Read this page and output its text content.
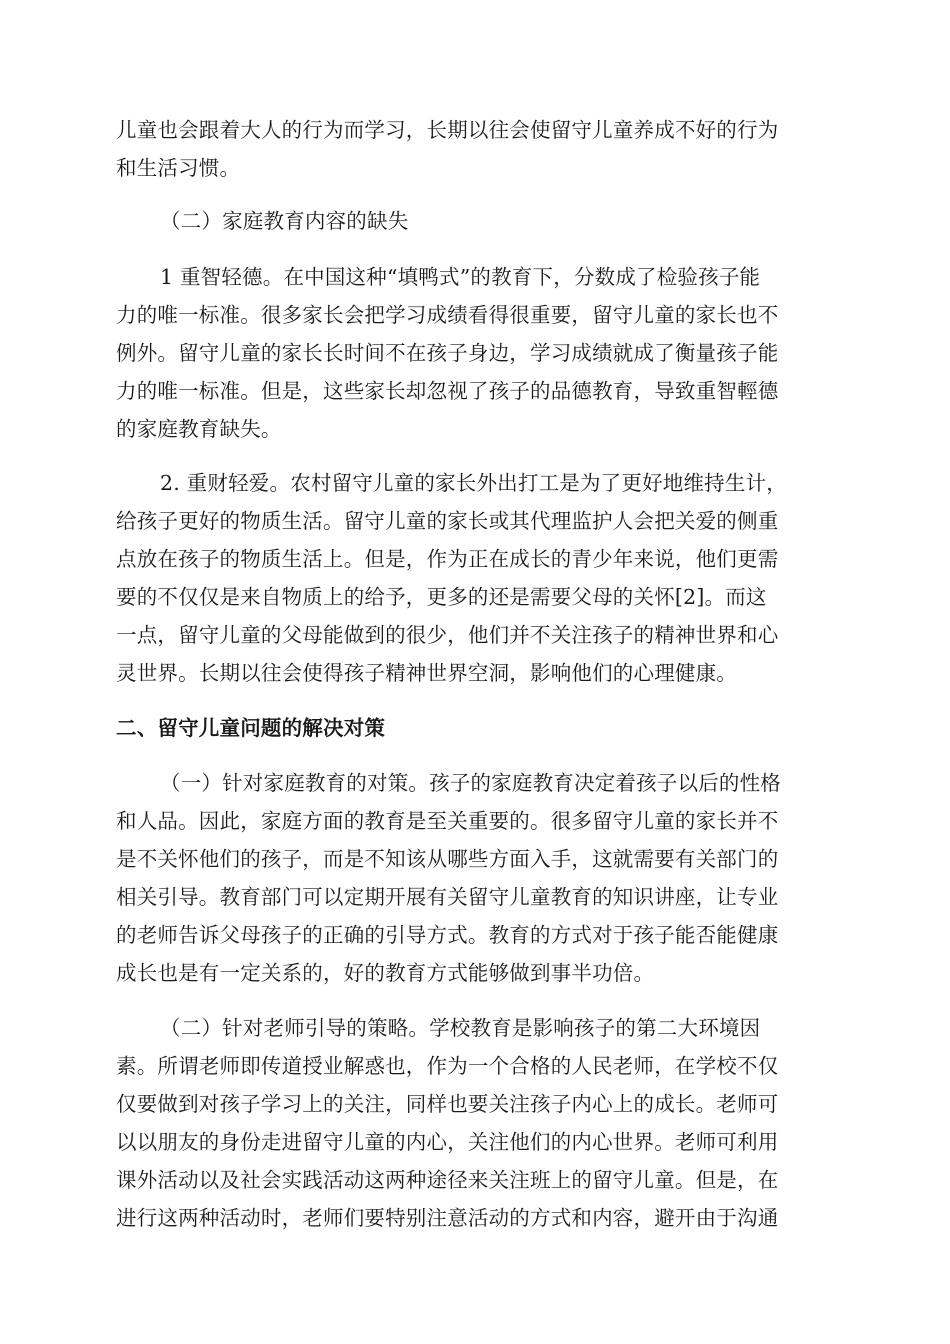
儿童也会跟着大人的行为而学习，长期以往会使留守儿童养成不好的行为
和生活习惯。
（二）家庭教育内容的缺失
1 重智轻德。在中国这种“填鸭式”的教育下，分数成了检验孩子能
力的唯一标准。很多家长会把学习成绩看得很重要，留守儿童的家长也不
例外。留守儿童的家长长时间不在孩子身边，学习成绩就成了衡量孩子能
力的唯一标准。但是，这些家长却忽视了孩子的品德教育，导致重智輕德
的家庭教育缺失。
2. 重财轻爱。农村留守儿童的家长外出打工是为了更好地维持生计，
给孩子更好的物质生活。留守儿童的家长或其代理监护人会把关爱的侧重
点放在孩子的物质生活上。但是，作为正在成长的青少年来说，他们更需
要的不仅仅是来自物质上的给予，更多的还是需要父母的关怀[2]。而这
一点，留守儿童的父母能做到的很少，他们并不关注孩子的精神世界和心
灵世界。长期以往会使得孩子精神世界空洞，影响他们的心理健康。
二、留守儿童问题的解决对策
（一）针对家庭教育的对策。孩子的家庭教育决定着孩子以后的性格
和人品。因此，家庭方面的教育是至关重要的。很多留守儿童的家长并不
是不关怀他们的孩子，而是不知该从哪些方面入手，这就需要有关部门的
相关引导。教育部门可以定期开展有关留守儿童教育的知识讲座，让专业
的老师告诉父母孩子的正确的引导方式。教育的方式对于孩子能否能健康
成长也是有一定关系的，好的教育方式能够做到事半功倍。
（二）针对老师引导的策略。学校教育是影响孩子的第二大环境因
素。所谓老师即传道授业解惑也，作为一个合格的人民老师，在学校不仅
仅要做到对孩子学习上的关注，同样也要关注孩子内心上的成长。老师可
以以朋友的身份走进留守儿童的内心，关注他们的内心世界。老师可利用
课外活动以及社会实践活动这两种途径来关注班上的留守儿童。但是，在
进行这两种活动时，老师们要特别注意活动的方式和内容，避开由于沟通
